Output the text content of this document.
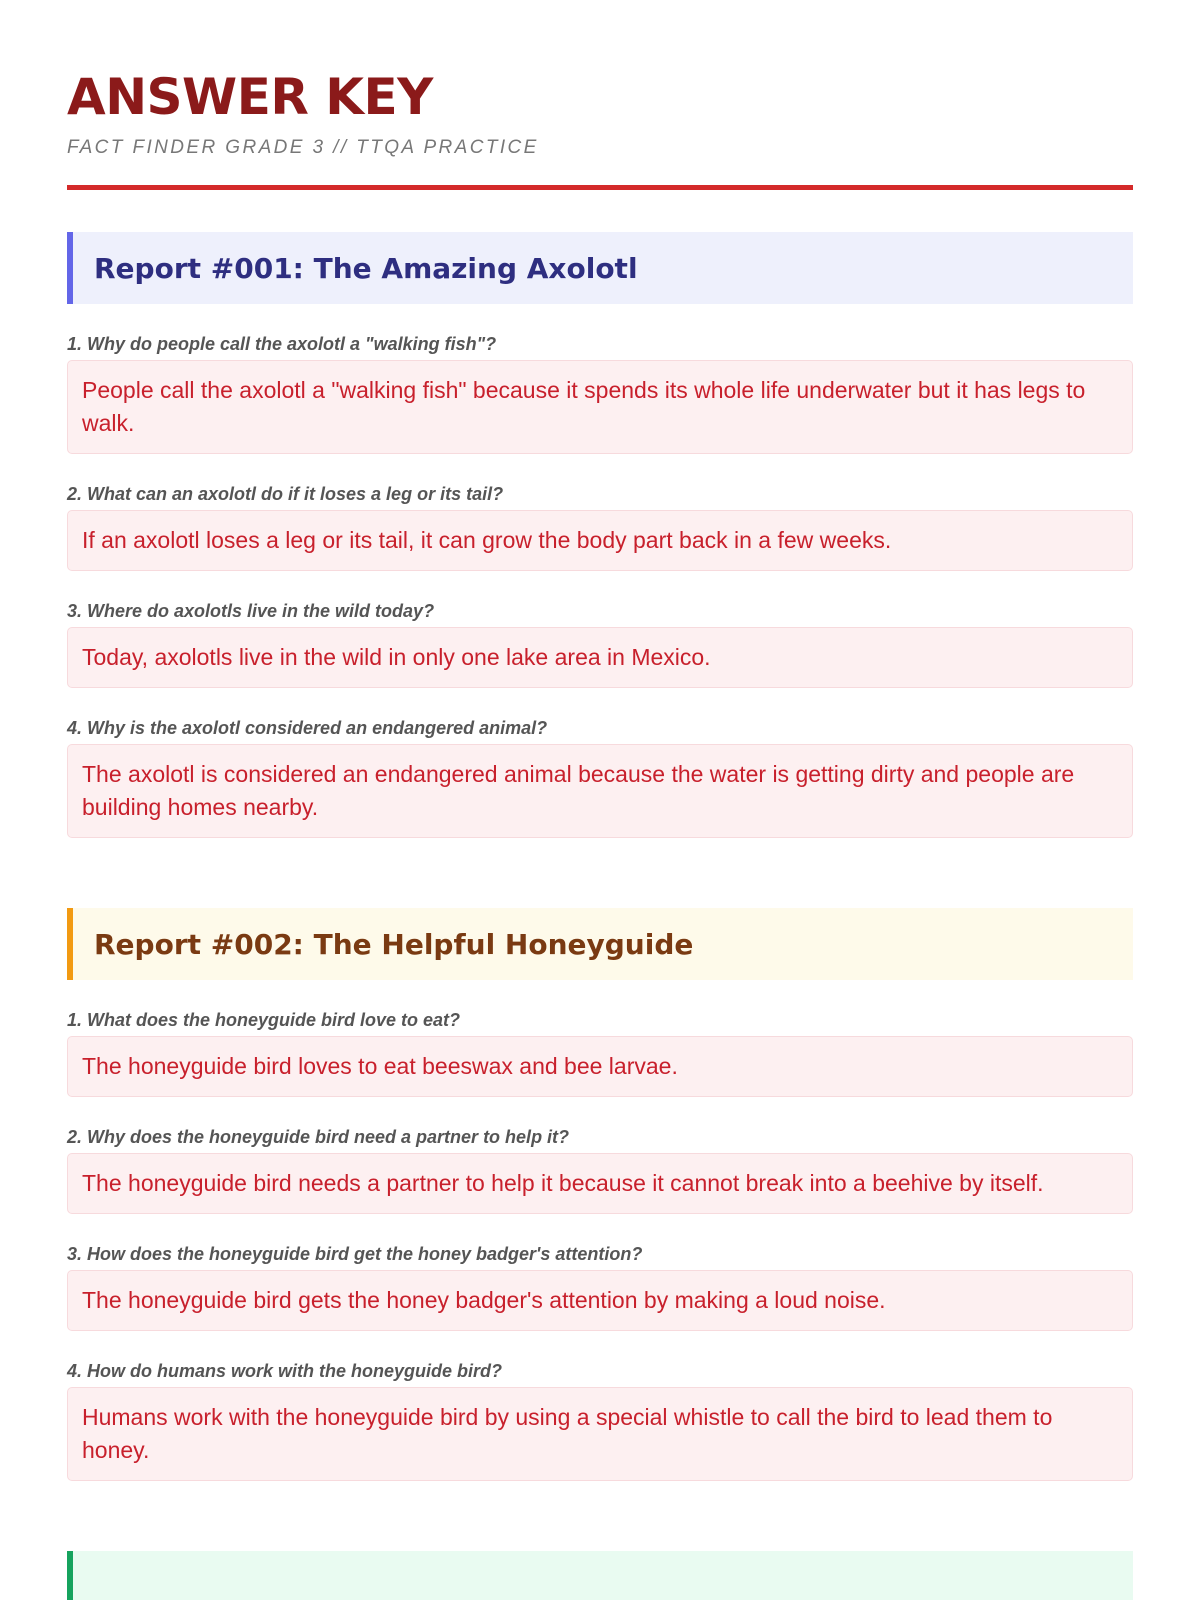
ANSWER KEY
FACT FINDER GRADE 3 // TTQA PRACTICE
Report #001: The Amazing Axolotl
1. Why do people call the axolotl a "walking fish"?
People call the axolotl a "walking fish" because it spends its whole life underwater but it has legs to walk.
2. What can an axolotl do if it loses a leg or its tail?
If an axolotl loses a leg or its tail, it can grow the body part back in a few weeks.
3. Where do axolotls live in the wild today?
Today, axolotls live in the wild in only one lake area in Mexico.
4. Why is the axolotl considered an endangered animal?
The axolotl is considered an endangered animal because the water is getting dirty and people are building homes nearby.
Report #002: The Helpful Honeyguide
1. What does the honeyguide bird love to eat?
The honeyguide bird loves to eat beeswax and bee larvae.
2. Why does the honeyguide bird need a partner to help it?
The honeyguide bird needs a partner to help it because it cannot break into a beehive by itself.
3. How does the honeyguide bird get the honey badger's attention?
The honeyguide bird gets the honey badger's attention by making a loud noise.
4. How do humans work with the honeyguide bird?
Humans work with the honeyguide bird by using a special whistle to call the bird to lead them to honey.
